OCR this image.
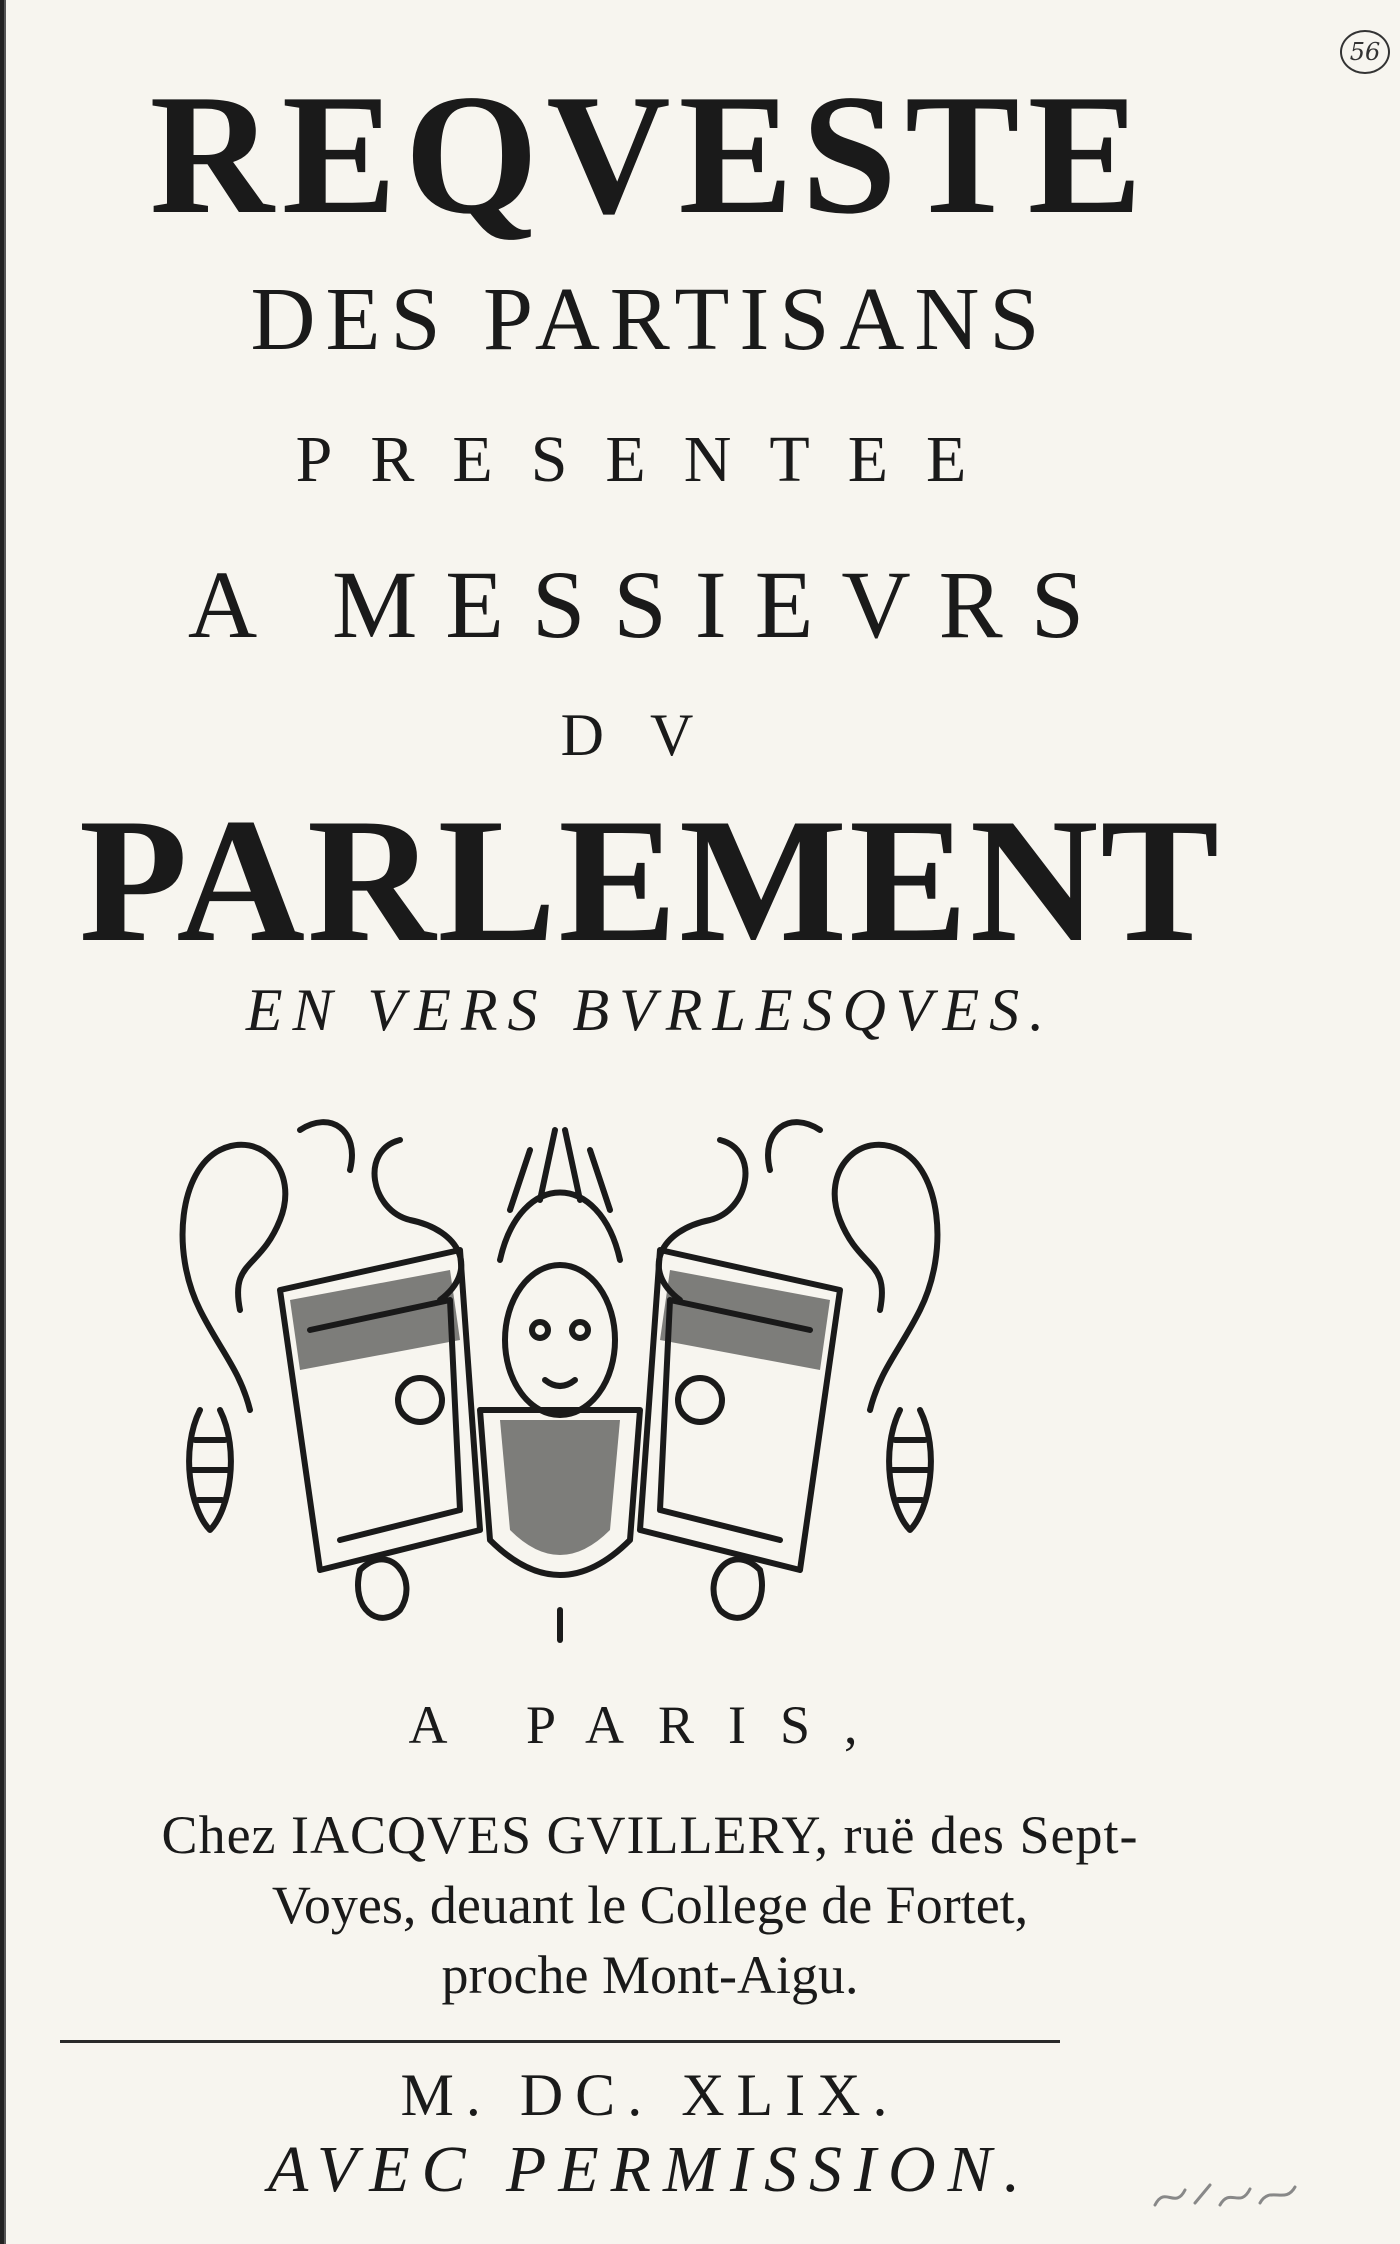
56
REQVESTE
DES PARTISANS
PRESENTEE
A MESSIEVRS
DV
PARLEMENT
EN VERS BVRLESQVES.
A PARIS,
Chez IACQVES GVILLERY, ruë des Sept-
Voyes, deuant le College de Fortet,
proche Mont-Aigu.
M. DC. XLIX.
AVEC PERMISSION.
